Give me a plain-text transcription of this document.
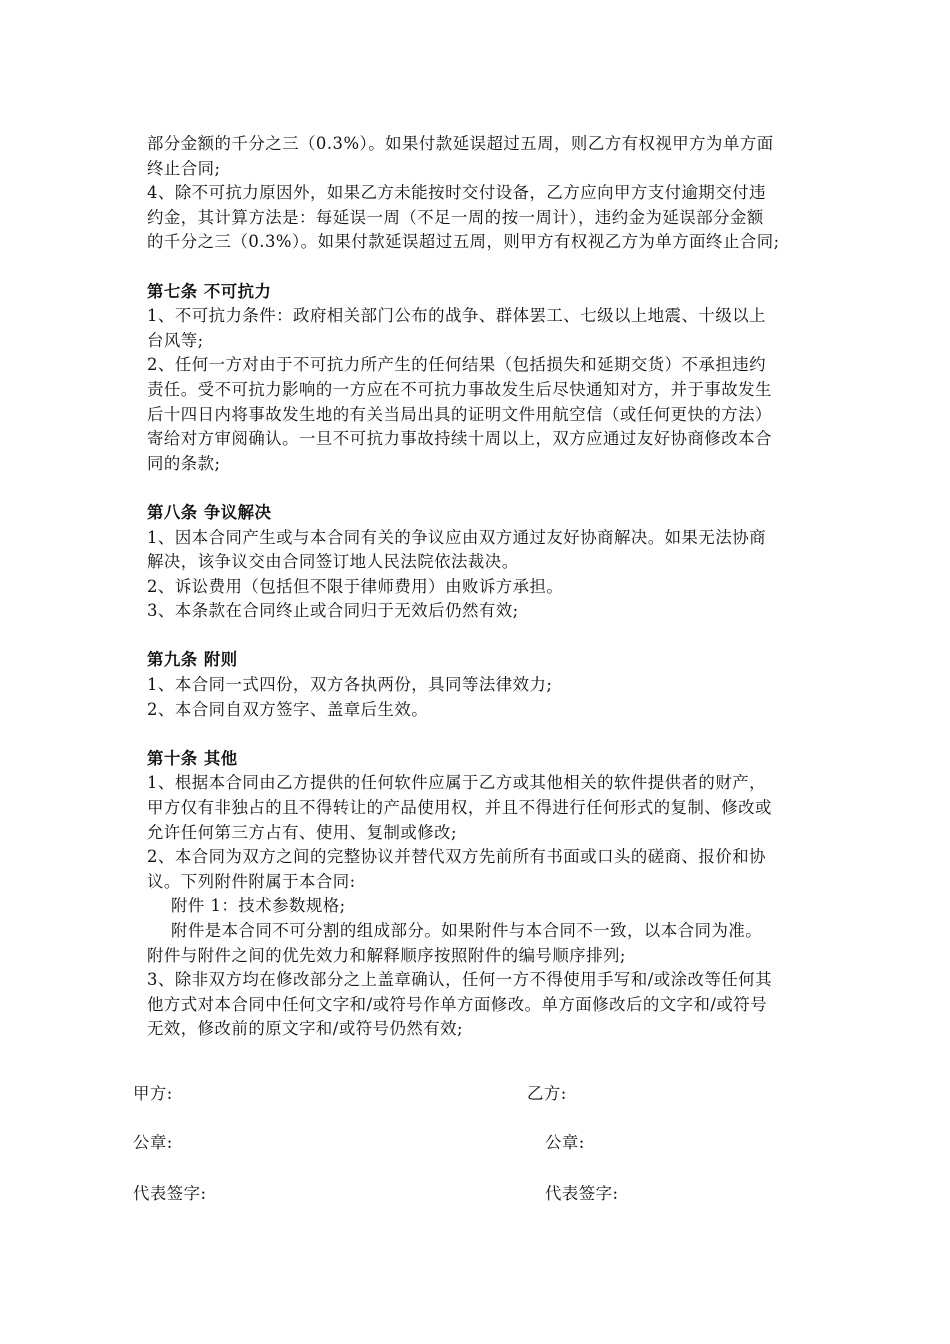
部分金额的千分之三（0.3%）。如果付款延误超过五周，则乙方有权视甲方为单方面
终止合同;

4、除不可抗力原因外，如果乙方未能按时交付设备，乙方应向甲方支付逾期交付违
约金，其计算方法是：每延误一周（不足一周的按一周计），违约金为延误部分金额
的千分之三（0.3%）。如果付款延误超过五周，则甲方有权视乙方为单方面终止合同;

第七条 不可抗力

1、不可抗力条件：政府相关部门公布的战争、群体罢工、七级以上地震、十级以上
台风等;

2、任何一方对由于不可抗力所产生的任何结果（包括损失和延期交货）不承担违约
责任。受不可抗力影响的一方应在不可抗力事故发生后尽快通知对方，并于事故发生
后十四日内将事故发生地的有关当局出具的证明文件用航空信（或任何更快的方法）
寄给对方审阅确认。一旦不可抗力事故持续十周以上，双方应通过友好协商修改本合
同的条款;

第八条 争议解决

1、因本合同产生或与本合同有关的争议应由双方通过友好协商解决。如果无法协商
解决，该争议交由合同签订地人民法院依法裁决。

2、诉讼费用（包括但不限于律师费用）由败诉方承担。

3、本条款在合同终止或合同归于无效后仍然有效;

第九条 附则

1、本合同一式四份，双方各执两份，具同等法律效力;

2、本合同自双方签字、盖章后生效。

第十条 其他

1、根据本合同由乙方提供的任何软件应属于乙方或其他相关的软件提供者的财产，
甲方仅有非独占的且不得转让的产品使用权，并且不得进行任何形式的复制、修改或
允许任何第三方占有、使用、复制或修改;

2、本合同为双方之间的完整协议并替代双方先前所有书面或口头的磋商、报价和协
议。下列附件附属于本合同:

附件 1：技术参数规格;

附件是本合同不可分割的组成部分。如果附件与本合同不一致，以本合同为准。

附件与附件之间的优先效力和解释顺序按照附件的编号顺序排列;

3、除非双方均在修改部分之上盖章确认，任何一方不得使用手写和/或涂改等任何其
他方式对本合同中任何文字和/或符号作单方面修改。单方面修改后的文字和/或符号
无效，修改前的原文字和/或符号仍然有效;

甲方:	乙方:

公章:	公章:

代表签字:	代表签字:
